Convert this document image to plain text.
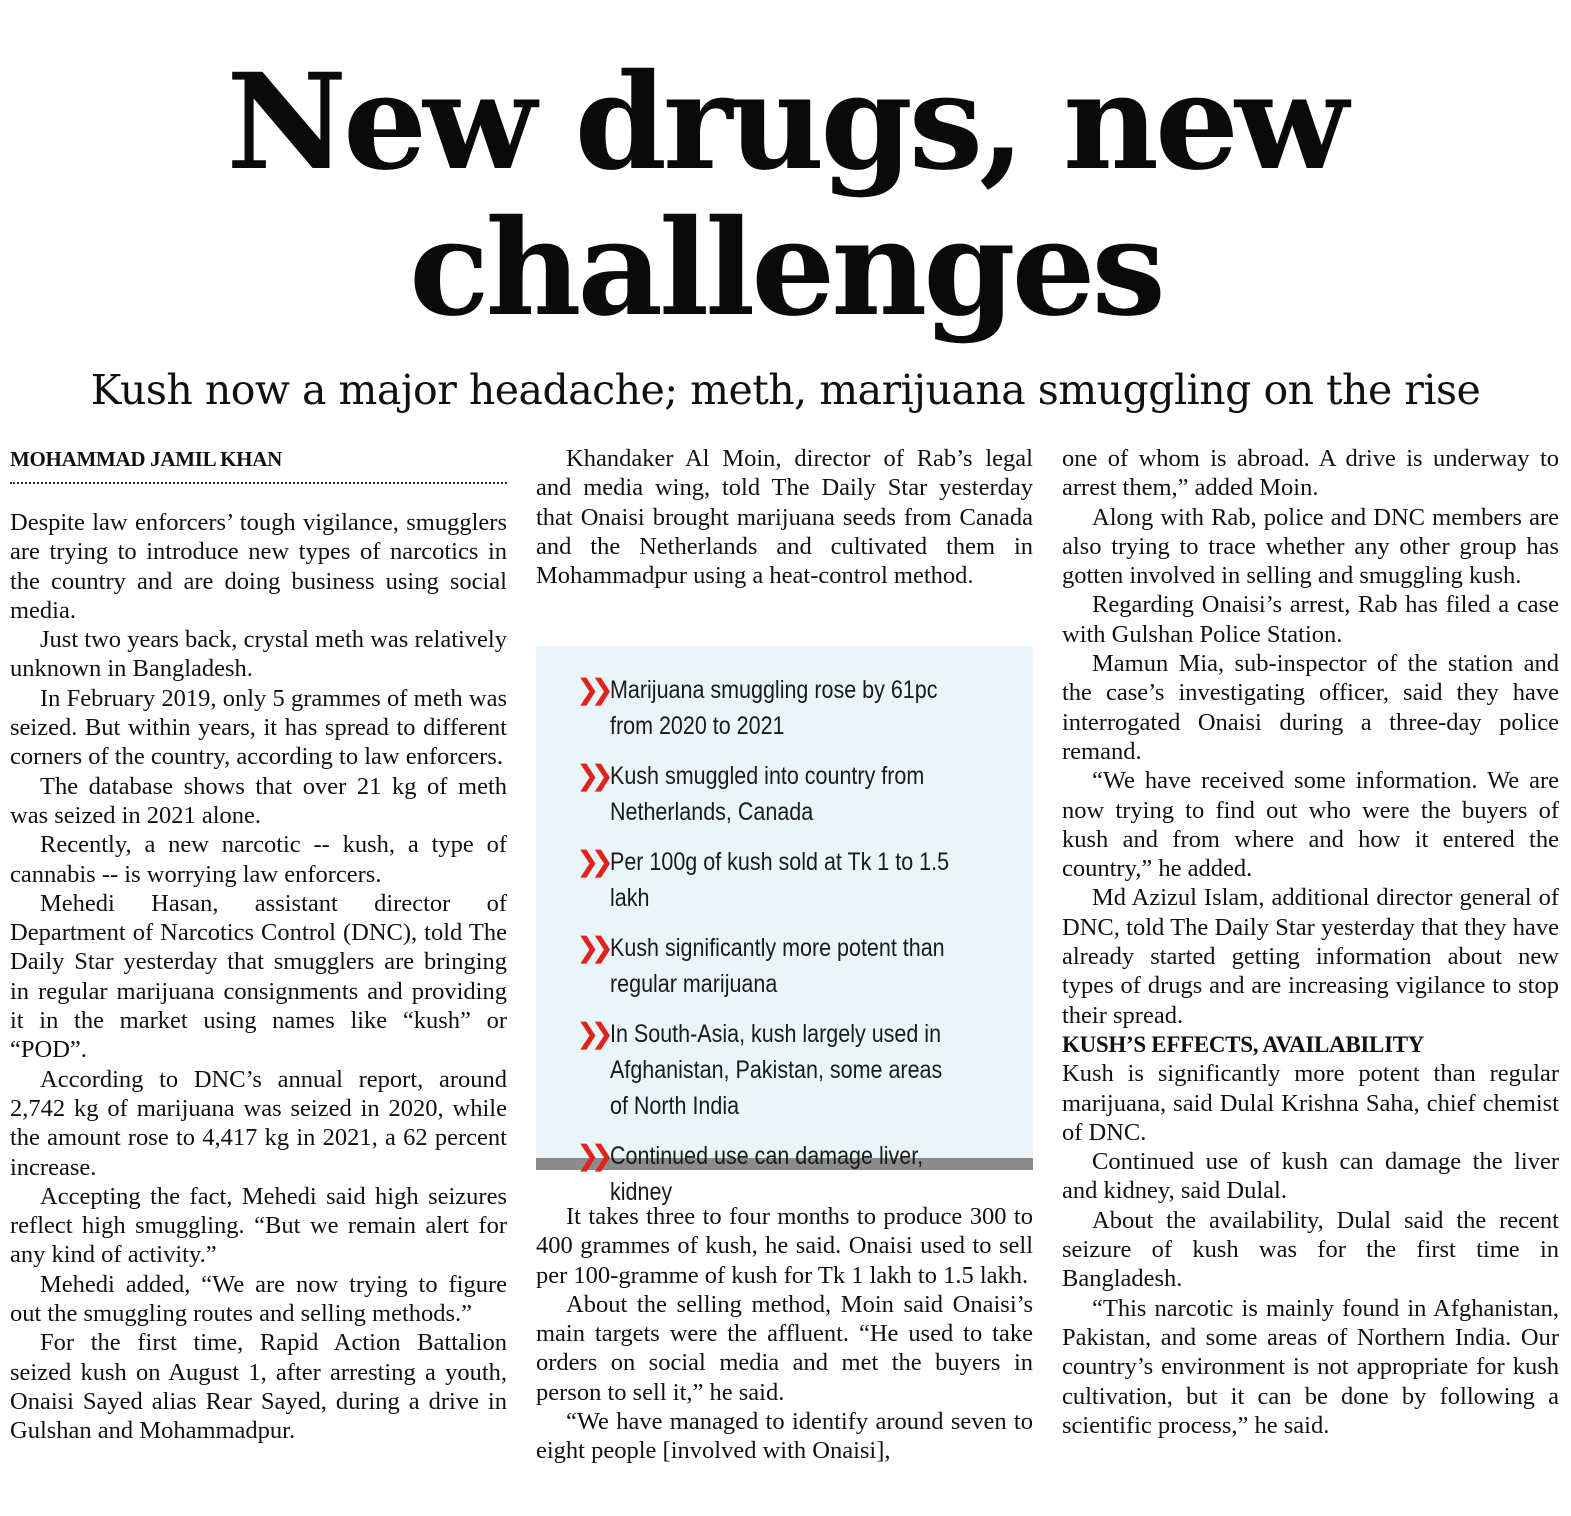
New drugs, new
challenges
Kush now a major headache; meth, marijuana smuggling on the rise
MOHAMMAD JAMIL KHAN

Despite law enforcers’ tough vigilance, smugglers are trying to introduce new types of narcotics in the country and are doing business using social media.

Just two years back, crystal meth was relatively unknown in Bangladesh.

In February 2019, only 5 grammes of meth was seized. But within years, it has spread to different corners of the country, according to law enforcers.

The database shows that over 21 kg of meth was seized in 2021 alone.

Recently, a new narcotic -- kush, a type of cannabis -- is worrying law enforcers.

Mehedi Hasan, assistant director of Department of Narcotics Control (DNC), told The Daily Star yesterday that smugglers are bringing in regular marijuana consignments and providing it in the market using names like “kush” or “POD”.

According to DNC’s annual report, around 2,742 kg of marijuana was seized in 2020, while the amount rose to 4,417 kg in 2021, a 62 percent increase.

Accepting the fact, Mehedi said high seizures reflect high smuggling. “But we remain alert for any kind of activity.”

Mehedi added, “We are now trying to figure out the smuggling routes and selling methods.”

For the first time, Rapid Action Battalion seized kush on August 1, after arresting a youth, Onaisi Sayed alias Rear Sayed, during a drive in Gulshan and Mohammadpur.

Khandaker Al Moin, director of Rab’s legal and media wing, told The Daily Star yesterday that Onaisi brought marijuana seeds from Canada and the Netherlands and cultivated them in Mohammadpur using a heat-control method.

❯❯ Marijuana smuggling rose by 61pc from 2020 to 2021
❯❯ Kush smuggled into country from Netherlands, Canada
❯❯ Per 100g of kush sold at Tk 1 to 1.5 lakh
❯❯ Kush significantly more potent than regular marijuana
❯❯ In South-Asia, kush largely used in Afghanistan, Pakistan, some areas of North India
❯❯ Continued use can damage liver, kidney

It takes three to four months to produce 300 to 400 grammes of kush, he said. Onaisi used to sell per 100-gramme of kush for Tk 1 lakh to 1.5 lakh.

About the selling method, Moin said Onaisi’s main targets were the affluent. “He used to take orders on social media and met the buyers in person to sell it,” he said.

“We have managed to identify around seven to eight people [involved with Onaisi],

one of whom is abroad. A drive is underway to arrest them,” added Moin.

Along with Rab, police and DNC members are also trying to trace whether any other group has gotten involved in selling and smuggling kush.

Regarding Onaisi’s arrest, Rab has filed a case with Gulshan Police Station.

Mamun Mia, sub-inspector of the station and the case’s investigating officer, said they have interrogated Onaisi during a three-day police remand.

“We have received some information. We are now trying to find out who were the buyers of kush and from where and how it entered the country,” he added.

Md Azizul Islam, additional director general of DNC, told The Daily Star yesterday that they have already started getting information about new types of drugs and are increasing vigilance to stop their spread.

KUSH’S EFFECTS, AVAILABILITY

Kush is significantly more potent than regular marijuana, said Dulal Krishna Saha, chief chemist of DNC.

Continued use of kush can damage the liver and kidney, said Dulal.

About the availability, Dulal said the recent seizure of kush was for the first time in Bangladesh.

“This narcotic is mainly found in Afghanistan, Pakistan, and some areas of Northern India. Our country’s environment is not appropriate for kush cultivation, but it can be done by following a scientific process,” he said.
